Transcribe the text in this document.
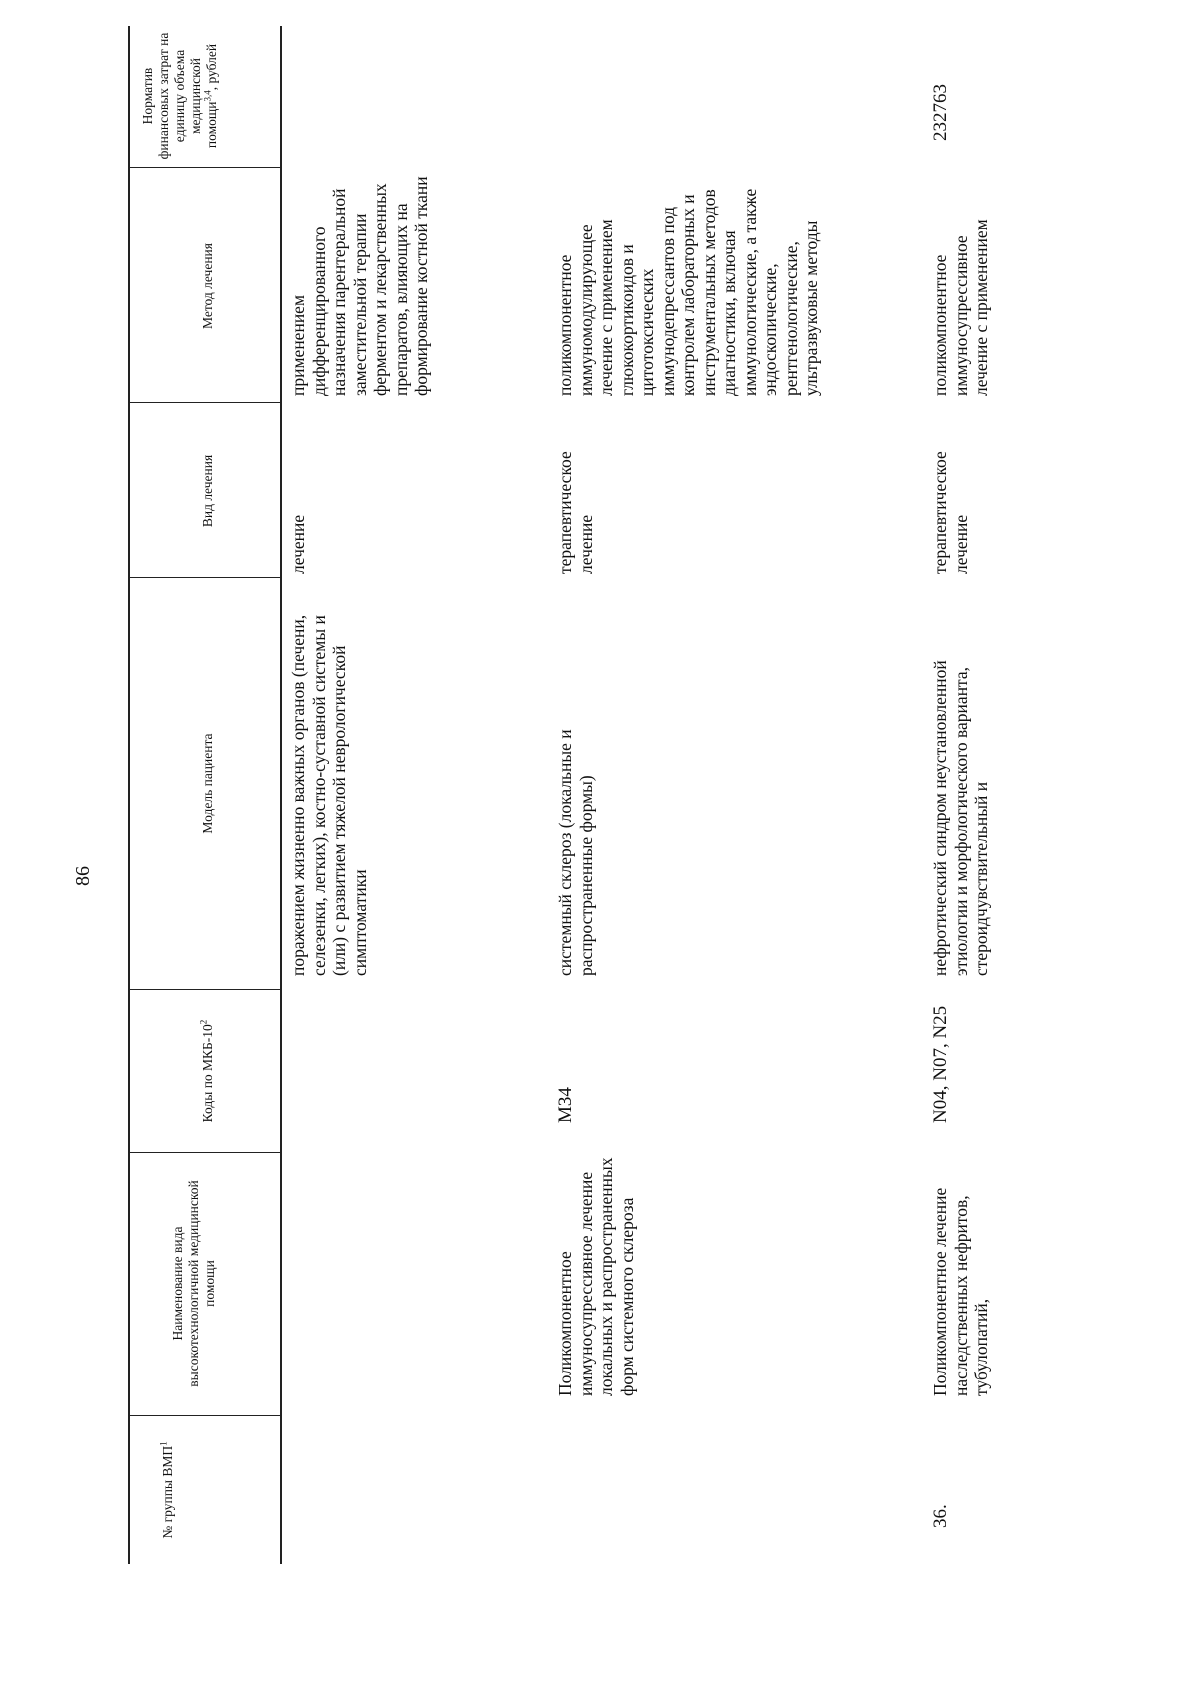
86
№ группы ВМП$^1$
Наименование вида высокотехнологичной медицинской помощи
Коды по МКБ-$10^2$
Модель пациента
Вид лечения
Метод лечения
Норматив финансовых затрат на единицу объема медицинской помощи$^{3,4}$, рублей
поражением жизненно важных органов (печени, селезенки, легких), костно-суставной системы и (или) с развитием тяжелой неврологической симптоматики
лечение
применением дифференцированного назначения парентеральной заместительной терапии ферментом и лекарственных препаратов, влияющих на формирование костной ткани
Поликомпонентное иммуносупрессивное лечение локальных и распространенных форм системного склероза
M34
системный склероз (локальные и распространенные формы)
терапевтическое лечение
поликомпонентное иммуномодулирующее лечение с применением глюкокортикоидов и цитотоксических иммунодепрессантов под контролем лабораторных и инструментальных методов диагностики, включая иммунологические, а также эндоскопические, рентгенологические, ультразвуковые методы
36.
Поликомпонентное лечение наследственных нефритов, тубулопатий,
N04, N07, N25
нефротический синдром неустановленной этиологии и морфологического варианта, стероидчувствительный и
терапевтическое лечение
поликомпонентное иммуносупрессивное лечение с применением
232763
